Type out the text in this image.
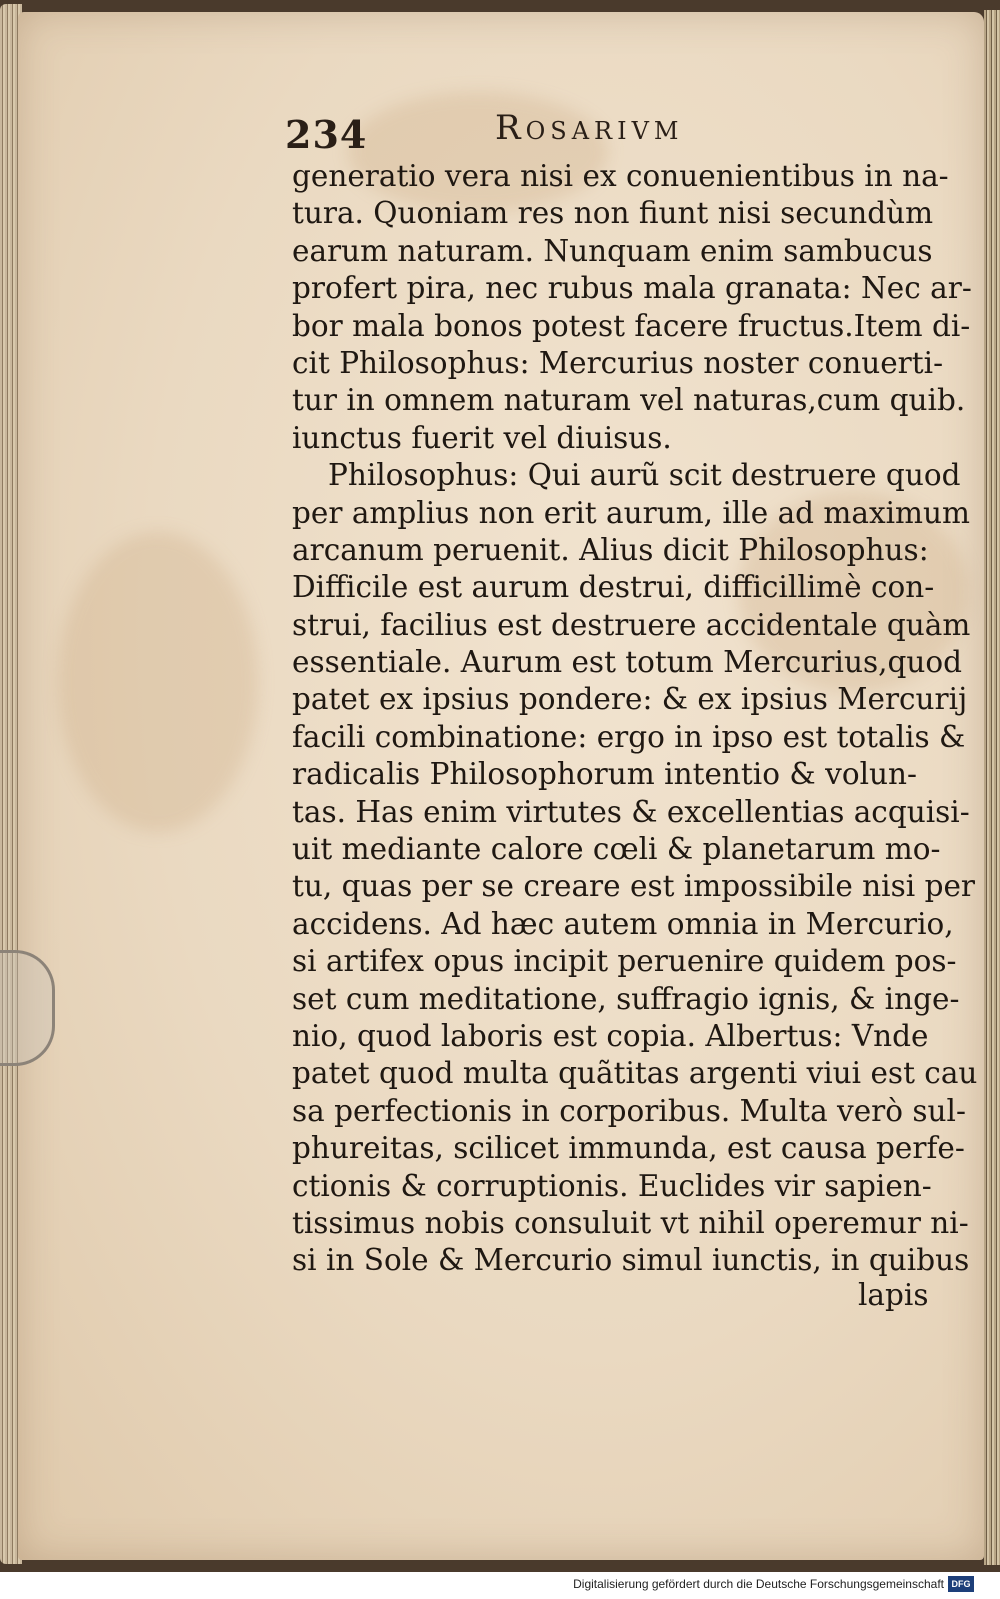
234	Rosarivm
generatio vera nisi ex conuenientibus in na-
tura. Quoniam res non fiunt nisi secundùm
earum naturam. Nunquam enim sambucus
profert pira, nec rubus mala granata: Nec ar-
bor mala bonos potest facere fructus.Item di-
cit Philosophus: Mercurius noster conuerti-
tur in omnem naturam vel naturas,cum quib.
iunctus fuerit vel diuisus.
Philosophus: Qui aurũ scit destruere quod
per amplius non erit aurum, ille ad maximum
arcanum peruenit. Alius dicit Philosophus:
Difficile est aurum destrui, difficillimè con-
strui, facilius est destruere accidentale quàm
essentiale. Aurum est totum Mercurius,quod
patet ex ipsius pondere: & ex ipsius Mercurij
facili combinatione: ergo in ipso est totalis &
radicalis Philosophorum intentio & volun-
tas. Has enim virtutes & excellentias acquisi-
uit mediante calore cœli & planetarum mo-
tu, quas per se creare est impossibile nisi per
accidens. Ad hæc autem omnia in Mercurio,
si artifex opus incipit peruenire quidem pos-
set cum meditatione, suffragio ignis, & inge-
nio, quod laboris est copia. Albertus: Vnde
patet quod multa quãtitas argenti viui est cau
sa perfectionis in corporibus. Multa verò sul-
phureitas, scilicet immunda, est causa perfe-
ctionis & corruptionis. Euclides vir sapien-
tissimus nobis consuluit vt nihil operemur ni-
si in Sole & Mercurio simul iunctis, in quibus
lapis
Digitalisierung gefördert durch die Deutsche Forschungsgemeinschaft DFG
